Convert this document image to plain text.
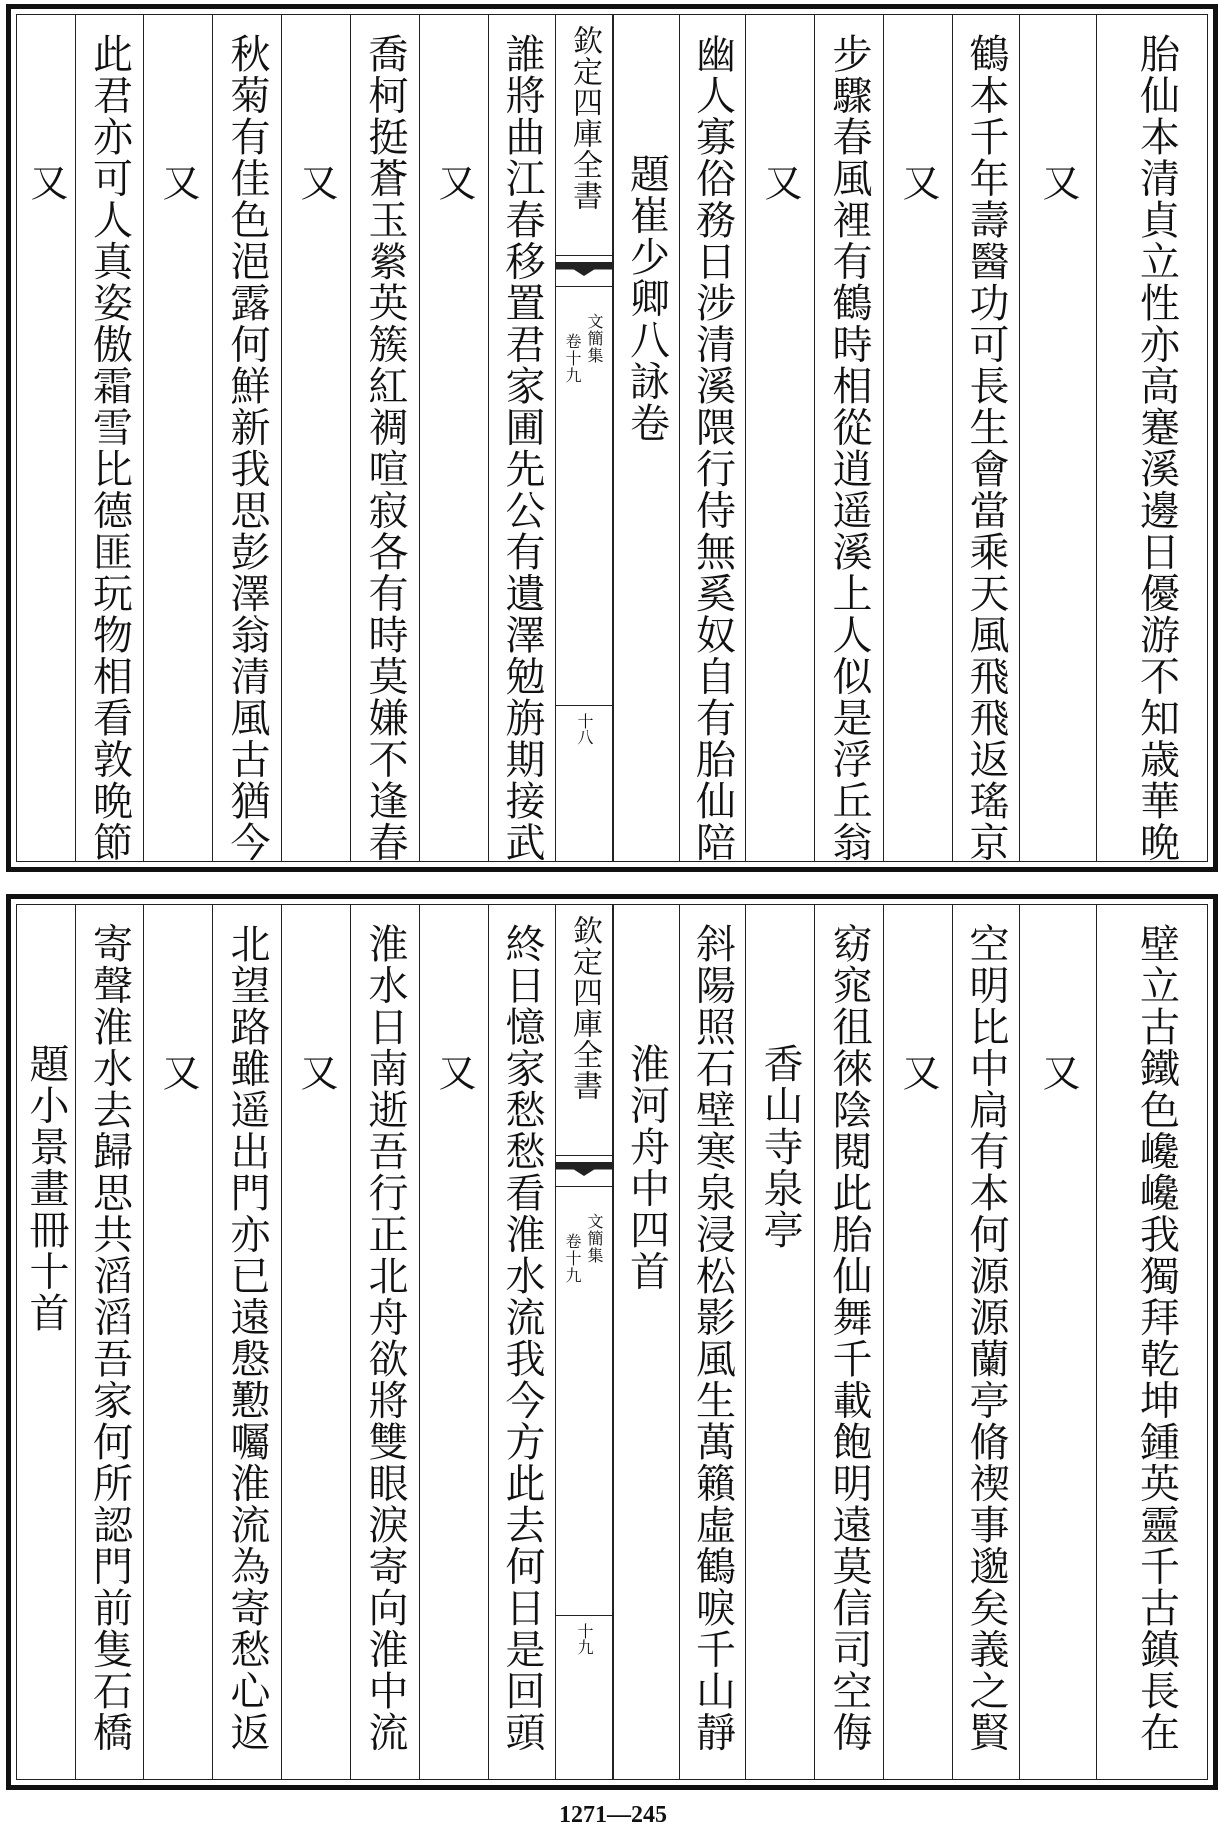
胎仙本清貞立性亦高蹇溪邊日優游不知歳華晩
又
鶴本千年壽醫功可長生會當乘天風飛飛返瑤京
又
步驟春風裡有鶴時相從逍遥溪上人似是浮丘翁
又
幽人寡俗務日涉清溪隈行侍無奚奴自有胎仙陪
題崔少卿八詠卷
欽定四庫全書
文簡集
卷十九
十八
誰將曲江春移置君家圃先公有遺澤勉旃期接武
又
喬柯挺蒼玉縈英簇紅裯喧寂各有時莫嫌不逢春
又
秋菊有佳色浥露何鮮新我思彭澤翁清風古猶今
又
此君亦可人真姿傲霜雪比德匪玩物相看敦晩節
又
壁立古鐵色巉巉我獨拜乾坤鍾英靈千古鎮長在
又
空明比中扃有本何源源蘭亭脩禊事邈矣義之賢
又
窈窕徂徠陰閱此胎仙舞千載飽明遠莫信司空侮
香山寺泉亭
斜陽照石壁寒泉浸松影風生萬籟虛鶴唳千山靜
淮河舟中四首
欽定四庫全書
文簡集
卷十九
十九
終日憶家愁愁看淮水流我今方此去何日是回頭
又
淮水日南逝吾行正北舟欲將雙眼淚寄向淮中流
又
北望路雖遥出門亦已遠慇懃囑淮流為寄愁心返
又
寄聲淮水去歸思共滔滔吾家何所認門前隻石橋
題小景畫冊十首
1271—245
